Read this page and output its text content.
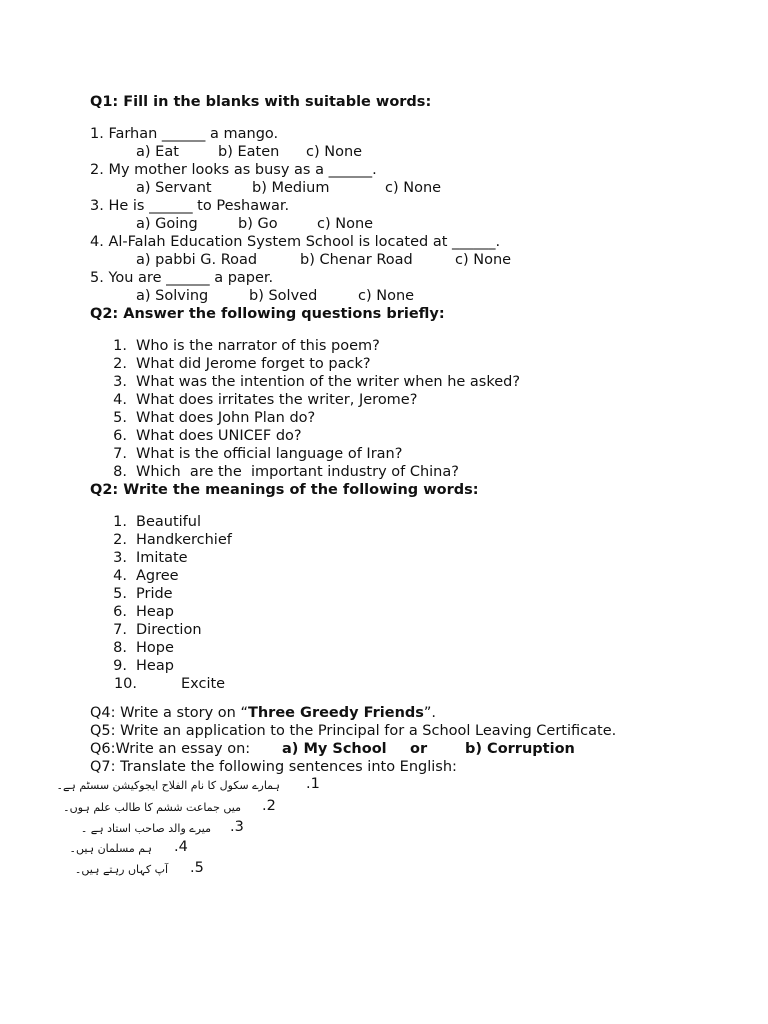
Q1: Fill in the blanks with suitable words:
1. Farhan ______ a mango.
a) Eat	b) Eaten c) None
2. My mother looks as busy as a ______.
a) Servant	b) Medium	c) None
3. He is ______ to Peshawar.
a) Going	b) Go	c) None
4. Al-Falah Education System School is located at ______.
a) pabbi G. Road	b) Chenar Road	c) None
5. You are ______ a paper.
a) Solving	b) Solved	c) None
Q2: Answer the following questions briefly:
1. Who is the narrator of this poem?
2. What did Jerome forget to pack?
3. What was the intention of the writer when he asked?
4. What does irritates the writer, Jerome?
5. What does John Plan do?
6. What does UNICEF do?
7. What is the official language of Iran?
8. Which  are the  important industry of China?
Q2: Write the meanings of the following words:
1. Beautiful
2. Handkerchief
3. Imitate
4. Agree
5. Pride
6. Heap
7. Direction
8. Hope
9. Heap
10.	Excite
Q4: Write a story on “Three Greedy Friends”.
Q5: Write an application to the Principal for a School Leaving Certificate.
Q6:Write an essay on: a) My School or	b) Corruption
Q7: Translate the following sentences into English:
ہمارے سکول کا نام الفلاح ایجوکیشن سسٹم ہے۔ .1
میں جماعت ششم کا طالب علم ہوں۔ .2
میرے والد صاحب استاد ہے ۔ .3
ہم مسلمان ہیں۔ .4
آپ کہاں رہتے ہیں۔ .5
